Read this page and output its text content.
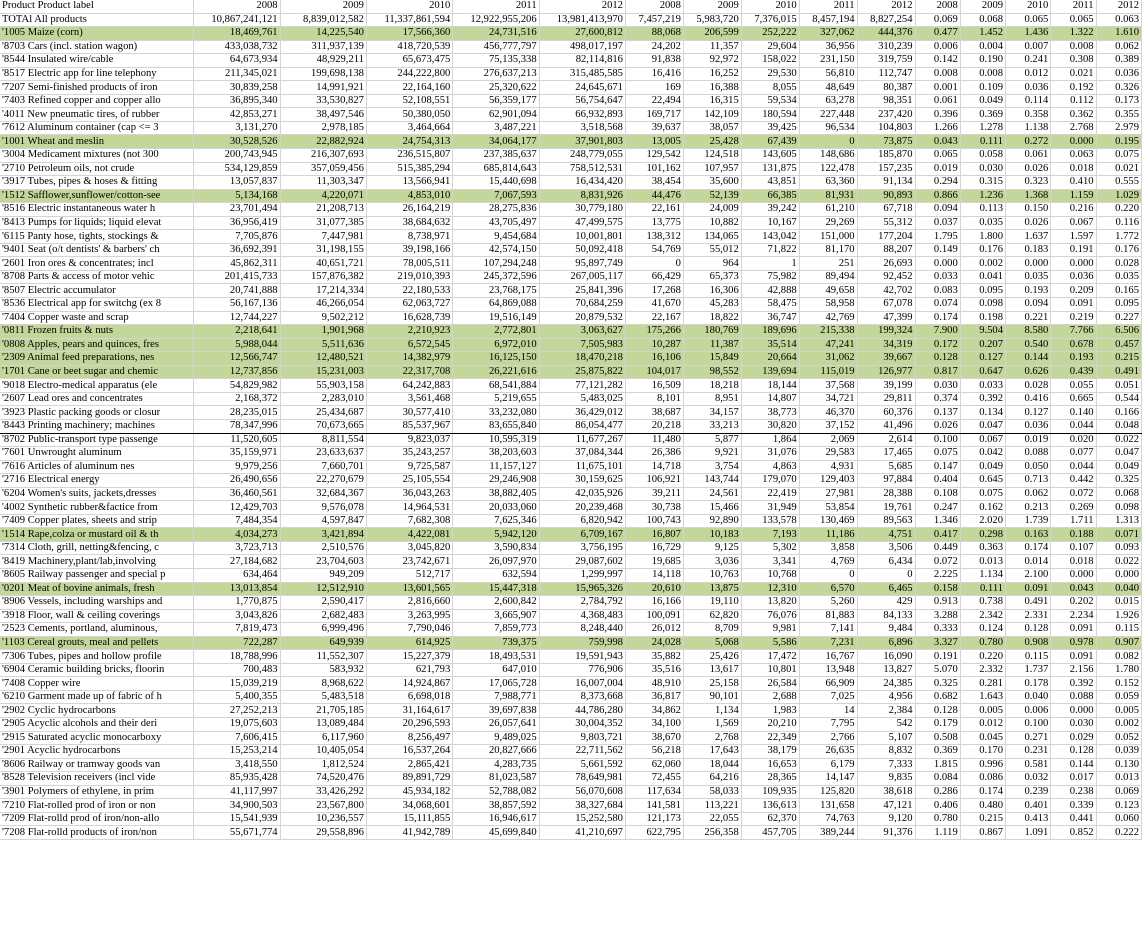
Product Product label	2008	2009	2010	2011	2012	2008	2009	2010	2011	2012	2008	2009	2010	2011	2012
TOTAl All products	10,867,241,121	8,839,012,582	11,337,861,594	12,922,955,206	13,981,413,970	7,457,219	5,983,720	7,376,015	8,457,194	8,827,254	0.069	0.068	0.065	0.065	0.063
'1005 Maize (corn)	18,469,761	14,225,540	17,566,360	24,731,516	27,600,812	88,068	206,599	252,222	327,062	444,376	0.477	1.452	1.436	1.322	1.610
'8703 Cars (incl. station wagon)	433,038,732	311,937,139	418,720,539	456,777,797	498,017,197	24,202	11,357	29,604	36,956	310,239	0.006	0.004	0.007	0.008	0.062
'8544 Insulated wire/cable	64,673,934	48,929,211	65,673,475	75,135,338	82,114,816	91,838	92,972	158,022	231,150	319,759	0.142	0.190	0.241	0.308	0.389
'8517 Electric app for line telephony	211,345,021	199,698,138	244,222,800	276,637,213	315,485,585	16,416	16,252	29,530	56,810	112,747	0.008	0.008	0.012	0.021	0.036
'7207 Semi-finished products of iron	30,839,258	14,991,921	22,164,160	25,320,622	24,645,671	169	16,388	8,055	48,649	80,387	0.001	0.109	0.036	0.192	0.326
'7403 Refined copper and copper allo	36,895,340	33,530,827	52,108,551	56,359,177	56,754,647	22,494	16,315	59,534	63,278	98,351	0.061	0.049	0.114	0.112	0.173
'4011 New pneumatic tires, of rubber	42,853,271	38,497,546	50,380,050	62,901,094	66,932,893	169,717	142,109	180,594	227,448	237,420	0.396	0.369	0.358	0.362	0.355
'7612 Aluminum container (cap <= 3	3,131,270	2,978,185	3,464,664	3,487,221	3,518,568	39,637	38,057	39,425	96,534	104,803	1.266	1.278	1.138	2.768	2.979
'1001 Wheat and meslin	30,528,526	22,882,924	24,754,313	34,064,177	37,901,803	13,005	25,428	67,439	0	73,875	0.043	0.111	0.272	0.000	0.195
'3004 Medicament mixtures (not 300	200,743,945	216,307,693	236,515,807	237,385,637	248,779,055	129,542	124,518	143,605	148,686	185,870	0.065	0.058	0.061	0.063	0.075
'2710 Petroleum oils, not crude	534,129,859	357,059,456	515,385,294	685,814,643	758,512,531	101,162	107,957	131,875	122,478	157,235	0.019	0.030	0.026	0.018	0.021
'3917 Tubes, pipes & hoses & fitting	13,057,837	11,303,347	13,566,941	15,440,698	16,434,420	38,454	35,600	43,851	63,360	91,134	0.294	0.315	0.323	0.410	0.555
'1512 Safflower,sunflower/cotton-see	5,134,168	4,220,071	4,853,010	7,067,593	8,831,926	44,476	52,139	66,385	81,931	90,893	0.866	1.236	1.368	1.159	1.029
'8516 Electric instantaneous water h	23,701,494	21,208,713	26,164,219	28,275,836	30,779,180	22,161	24,009	39,242	61,210	67,718	0.094	0.113	0.150	0.216	0.220
'8413 Pumps for liquids; liquid elevat	36,956,419	31,077,385	38,684,632	43,705,497	47,499,575	13,775	10,882	10,167	29,269	55,312	0.037	0.035	0.026	0.067	0.116
'6115 Panty hose, tights, stockings &	7,705,876	7,447,981	8,738,971	9,454,684	10,001,801	138,312	134,065	143,042	151,000	177,204	1.795	1.800	1.637	1.597	1.772
'9401 Seat (o/t dentists' & barbers' ch	36,692,391	31,198,155	39,198,166	42,574,150	50,092,418	54,769	55,012	71,822	81,170	88,207	0.149	0.176	0.183	0.191	0.176
'2601 Iron ores & concentrates; incl	45,862,311	40,651,721	78,005,511	107,294,248	95,897,749	0	964	1	251	26,693	0.000	0.002	0.000	0.000	0.028
'8708 Parts & access of motor vehic	201,415,733	157,876,382	219,010,393	245,372,596	267,005,117	66,429	65,373	75,982	89,494	92,452	0.033	0.041	0.035	0.036	0.035
'8507 Electric accumulator	20,741,888	17,214,334	22,180,533	23,768,175	25,841,396	17,268	16,306	42,888	49,658	42,702	0.083	0.095	0.193	0.209	0.165
'8536 Electrical app for switchg (ex 8	56,167,136	46,266,054	62,063,727	64,869,088	70,684,259	41,670	45,283	58,475	58,958	67,078	0.074	0.098	0.094	0.091	0.095
'7404 Copper waste and scrap	12,744,227	9,502,212	16,628,739	19,516,149	20,879,532	22,167	18,822	36,747	42,769	47,399	0.174	0.198	0.221	0.219	0.227
'0811 Frozen fruits & nuts	2,218,641	1,901,968	2,210,923	2,772,801	3,063,627	175,266	180,769	189,696	215,338	199,324	7.900	9.504	8.580	7.766	6.506
'0808 Apples, pears and quinces, fres	5,988,044	5,511,636	6,572,545	6,972,010	7,505,983	10,287	11,387	35,514	47,241	34,319	0.172	0.207	0.540	0.678	0.457
'2309 Animal feed preparations, nes	12,566,747	12,480,521	14,382,979	16,125,150	18,470,218	16,106	15,849	20,664	31,062	39,667	0.128	0.127	0.144	0.193	0.215
'1701 Cane or beet sugar and chemic	12,737,856	15,231,003	22,317,708	26,221,616	25,875,822	104,017	98,552	139,694	115,019	126,977	0.817	0.647	0.626	0.439	0.491
'9018 Electro-medical apparatus (ele	54,829,982	55,903,158	64,242,883	68,541,884	77,121,282	16,509	18,218	18,144	37,568	39,199	0.030	0.033	0.028	0.055	0.051
'2607 Lead ores and concentrates	2,168,372	2,283,010	3,561,468	5,219,655	5,483,025	8,101	8,951	14,807	34,721	29,811	0.374	0.392	0.416	0.665	0.544
'3923 Plastic packing goods or closur	28,235,015	25,434,687	30,577,410	33,232,080	36,429,012	38,687	34,157	38,773	46,370	60,376	0.137	0.134	0.127	0.140	0.166
'8443 Printing machinery; machines	78,347,996	70,673,665	85,537,967	83,655,840	86,054,477	20,218	33,213	30,820	37,152	41,496	0.026	0.047	0.036	0.044	0.048
'8702 Public-transport type passenge	11,520,605	8,811,554	9,823,037	10,595,319	11,677,267	11,480	5,877	1,864	2,069	2,614	0.100	0.067	0.019	0.020	0.022
'7601 Unwrought aluminum	35,159,971	23,633,637	35,243,257	38,203,603	37,084,344	26,386	9,921	31,076	29,583	17,465	0.075	0.042	0.088	0.077	0.047
'7616 Articles of aluminum nes	9,979,256	7,660,701	9,725,587	11,157,127	11,675,101	14,718	3,754	4,863	4,931	5,685	0.147	0.049	0.050	0.044	0.049
'2716 Electrical energy	26,490,656	22,270,679	25,105,554	29,246,908	30,159,625	106,921	143,744	179,070	129,403	97,884	0.404	0.645	0.713	0.442	0.325
'6204 Women's suits, jackets,dresses	36,460,561	32,684,367	36,043,263	38,882,405	42,035,926	39,211	24,561	22,419	27,981	28,388	0.108	0.075	0.062	0.072	0.068
'4002 Synthetic rubber&factice from	12,429,703	9,576,078	14,964,531	20,033,060	20,239,468	30,738	15,466	31,949	53,854	19,761	0.247	0.162	0.213	0.269	0.098
'7409 Copper plates, sheets and strip	7,484,354	4,597,847	7,682,308	7,625,346	6,820,942	100,743	92,890	133,578	130,469	89,563	1.346	2.020	1.739	1.711	1.313
'1514 Rape,colza or mustard oil & th	4,034,273	3,421,894	4,422,081	5,942,120	6,709,167	16,807	10,183	7,193	11,186	4,751	0.417	0.298	0.163	0.188	0.071
'7314 Cloth, grill, netting&fencing, c	3,723,713	2,510,576	3,045,820	3,590,834	3,756,195	16,729	9,125	5,302	3,858	3,506	0.449	0.363	0.174	0.107	0.093
'8419 Machinery,plant/lab,involving	27,184,682	23,704,603	23,742,671	26,097,970	29,087,602	19,685	3,036	3,341	4,769	6,434	0.072	0.013	0.014	0.018	0.022
'8605 Railway passenger and special p	634,464	949,209	512,717	632,594	1,299,997	14,118	10,763	10,768	0	0	2.225	1.134	2.100	0.000	0.000
'0201 Meat of bovine animals, fresh	13,013,854	12,512,910	13,601,565	15,447,318	15,965,326	20,610	13,875	12,310	6,570	6,465	0.158	0.111	0.091	0.043	0.040
'8906 Vessels, including warships and	1,770,875	2,590,417	2,816,660	2,600,842	2,784,792	16,166	19,110	13,820	5,260	429	0.913	0.738	0.491	0.202	0.015
'3918 Floor, wall & ceiling coverings	3,043,826	2,682,483	3,263,995	3,665,907	4,368,483	100,091	62,820	76,076	81,883	84,133	3.288	2.342	2.331	2.234	1.926
'2523 Cements, portland, aluminous,	7,819,473	6,999,496	7,790,046	7,859,773	8,248,440	26,012	8,709	9,981	7,141	9,484	0.333	0.124	0.128	0.091	0.115
'1103 Cereal grouts, meal and pellets	722,287	649,939	614,925	739,375	759,998	24,028	5,068	5,586	7,231	6,896	3.327	0.780	0.908	0.978	0.907
'7306 Tubes, pipes and hollow profile	18,788,996	11,552,307	15,227,379	18,493,531	19,591,943	35,882	25,426	17,472	16,767	16,090	0.191	0.220	0.115	0.091	0.082
'6904 Ceramic building bricks, floorin	700,483	583,932	621,793	647,010	776,906	35,516	13,617	10,801	13,948	13,827	5.070	2.332	1.737	2.156	1.780
'7408 Copper wire	15,039,219	8,968,622	14,924,867	17,065,728	16,007,004	48,910	25,158	26,584	66,909	24,385	0.325	0.281	0.178	0.392	0.152
'6210 Garment made up of fabric of h	5,400,355	5,483,518	6,698,018	7,988,771	8,373,668	36,817	90,101	2,688	7,025	4,956	0.682	1.643	0.040	0.088	0.059
'2902 Cyclic hydrocarbons	27,252,213	21,705,185	31,164,617	39,697,838	44,786,280	34,862	1,134	1,983	14	2,384	0.128	0.005	0.006	0.000	0.005
'2905 Acyclic alcohols and their deri	19,075,603	13,089,484	20,296,593	26,057,641	30,004,352	34,100	1,569	20,210	7,795	542	0.179	0.012	0.100	0.030	0.002
'2915 Saturated acyclic monocarboxy	7,606,415	6,117,960	8,256,497	9,489,025	9,803,721	38,670	2,768	22,349	2,766	5,107	0.508	0.045	0.271	0.029	0.052
'2901 Acyclic hydrocarbons	15,253,214	10,405,054	16,537,264	20,827,666	22,711,562	56,218	17,643	38,179	26,635	8,832	0.369	0.170	0.231	0.128	0.039
'8606 Railway or tramway goods van	3,418,550	1,812,524	2,865,421	4,283,735	5,661,592	62,060	18,044	16,653	6,179	7,333	1.815	0.996	0.581	0.144	0.130
'8528 Television receivers (incl vide	85,935,428	74,520,476	89,891,729	81,023,587	78,649,981	72,455	64,216	28,365	14,147	9,835	0.084	0.086	0.032	0.017	0.013
'3901 Polymers of ethylene, in prim	41,117,997	33,426,292	45,934,182	52,788,082	56,070,608	117,634	58,033	109,935	125,820	38,618	0.286	0.174	0.239	0.238	0.069
'7210 Flat-rolled prod of iron or non	34,900,503	23,567,800	34,068,601	38,857,592	38,327,684	141,581	113,221	136,613	131,658	47,121	0.406	0.480	0.401	0.339	0.123
'7209 Flat-rolld prod of iron/non-allo	15,541,939	10,236,557	15,111,855	16,946,617	15,252,580	121,173	22,055	62,370	74,763	9,120	0.780	0.215	0.413	0.441	0.060
'7208 Flat-rolld products of iron/non	55,671,774	29,558,896	41,942,789	45,699,840	41,210,697	622,795	256,358	457,705	389,244	91,376	1.119	0.867	1.091	0.852	0.222
